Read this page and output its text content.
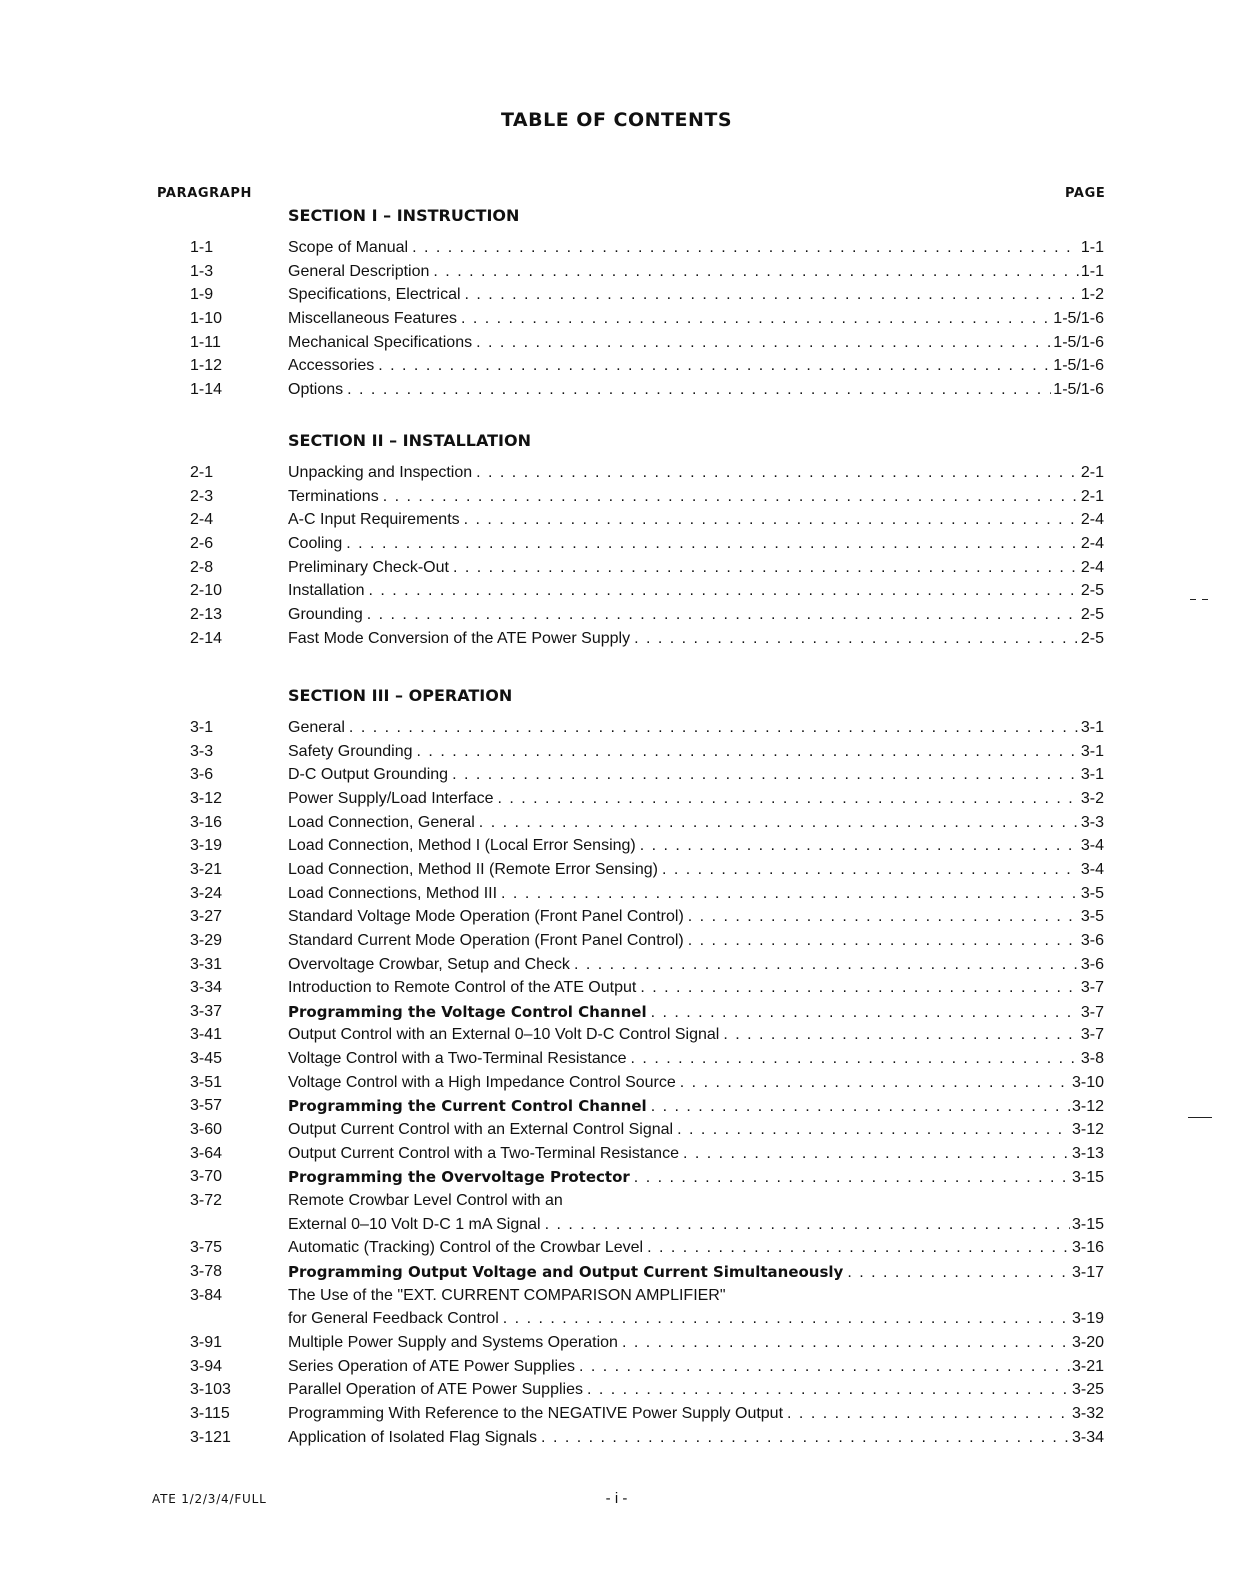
TABLE OF CONTENTS
PARAGRAPH	PAGE
SECTION I – INSTRUCTION
1-1	Scope of Manual . . .	1-1
1-3	General Description . . .	1-1
1-9	Specifications, Electrical . . .	1-2
1-10	Miscellaneous Features . . .	1-5/1-6
1-11	Mechanical Specifications . . .	1-5/1-6
1-12	Accessories . . .	1-5/1-6
1-14	Options . . .	1-5/1-6
SECTION II – INSTALLATION
2-1	Unpacking and Inspection . . .	2-1
2-3	Terminations . . .	2-1
2-4	A-C Input Requirements . . .	2-4
2-6	Cooling . . .	2-4
2-8	Preliminary Check-Out . . .	2-4
2-10	Installation . . .	2-5
2-13	Grounding . . .	2-5
2-14	Fast Mode Conversion of the ATE Power Supply . . .	2-5
SECTION III – OPERATION
3-1	General . . .	3-1
3-3	Safety Grounding . . .	3-1
3-6	D-C Output Grounding . . .	3-1
3-12	Power Supply/Load Interface . . .	3-2
3-16	Load Connection, General . . .	3-3
3-19	Load Connection, Method I (Local Error Sensing) . . .	3-4
3-21	Load Connection, Method II (Remote Error Sensing) . . .	3-4
3-24	Load Connections, Method III . . .	3-5
3-27	Standard Voltage Mode Operation (Front Panel Control) . . .	3-5
3-29	Standard Current Mode Operation (Front Panel Control) . . .	3-6
3-31	Overvoltage Crowbar, Setup and Check . . .	3-6
3-34	Introduction to Remote Control of the ATE Output . . .	3-7
3-37	Programming the Voltage Control Channel . . .	3-7
3-41	Output Control with an External 0–10 Volt D-C Control Signal . . .	3-7
3-45	Voltage Control with a Two-Terminal Resistance . . .	3-8
3-51	Voltage Control with a High Impedance Control Source . . .	3-10
3-57	Programming the Current Control Channel . . .	3-12
3-60	Output Current Control with an External Control Signal . . .	3-12
3-64	Output Current Control with a Two-Terminal Resistance . . .	3-13
3-70	Programming the Overvoltage Protector . . .	3-15
3-72	Remote Crowbar Level Control with an
External 0–10 Volt D-C 1 mA Signal . . .	3-15
3-75	Automatic (Tracking) Control of the Crowbar Level . . .	3-16
3-78	Programming Output Voltage and Output Current Simultaneously . . .	3-17
3-84	The Use of the "EXT. CURRENT COMPARISON AMPLIFIER"
for General Feedback Control . . .	3-19
3-91	Multiple Power Supply and Systems Operation . . .	3-20
3-94	Series Operation of ATE Power Supplies . . .	3-21
3-103	Parallel Operation of ATE Power Supplies . . .	3-25
3-115	Programming With Reference to the NEGATIVE Power Supply Output . . .	3-32
3-121	Application of Isolated Flag Signals . . .	3-34
ATE 1/2/3/4/FULL	- i -
